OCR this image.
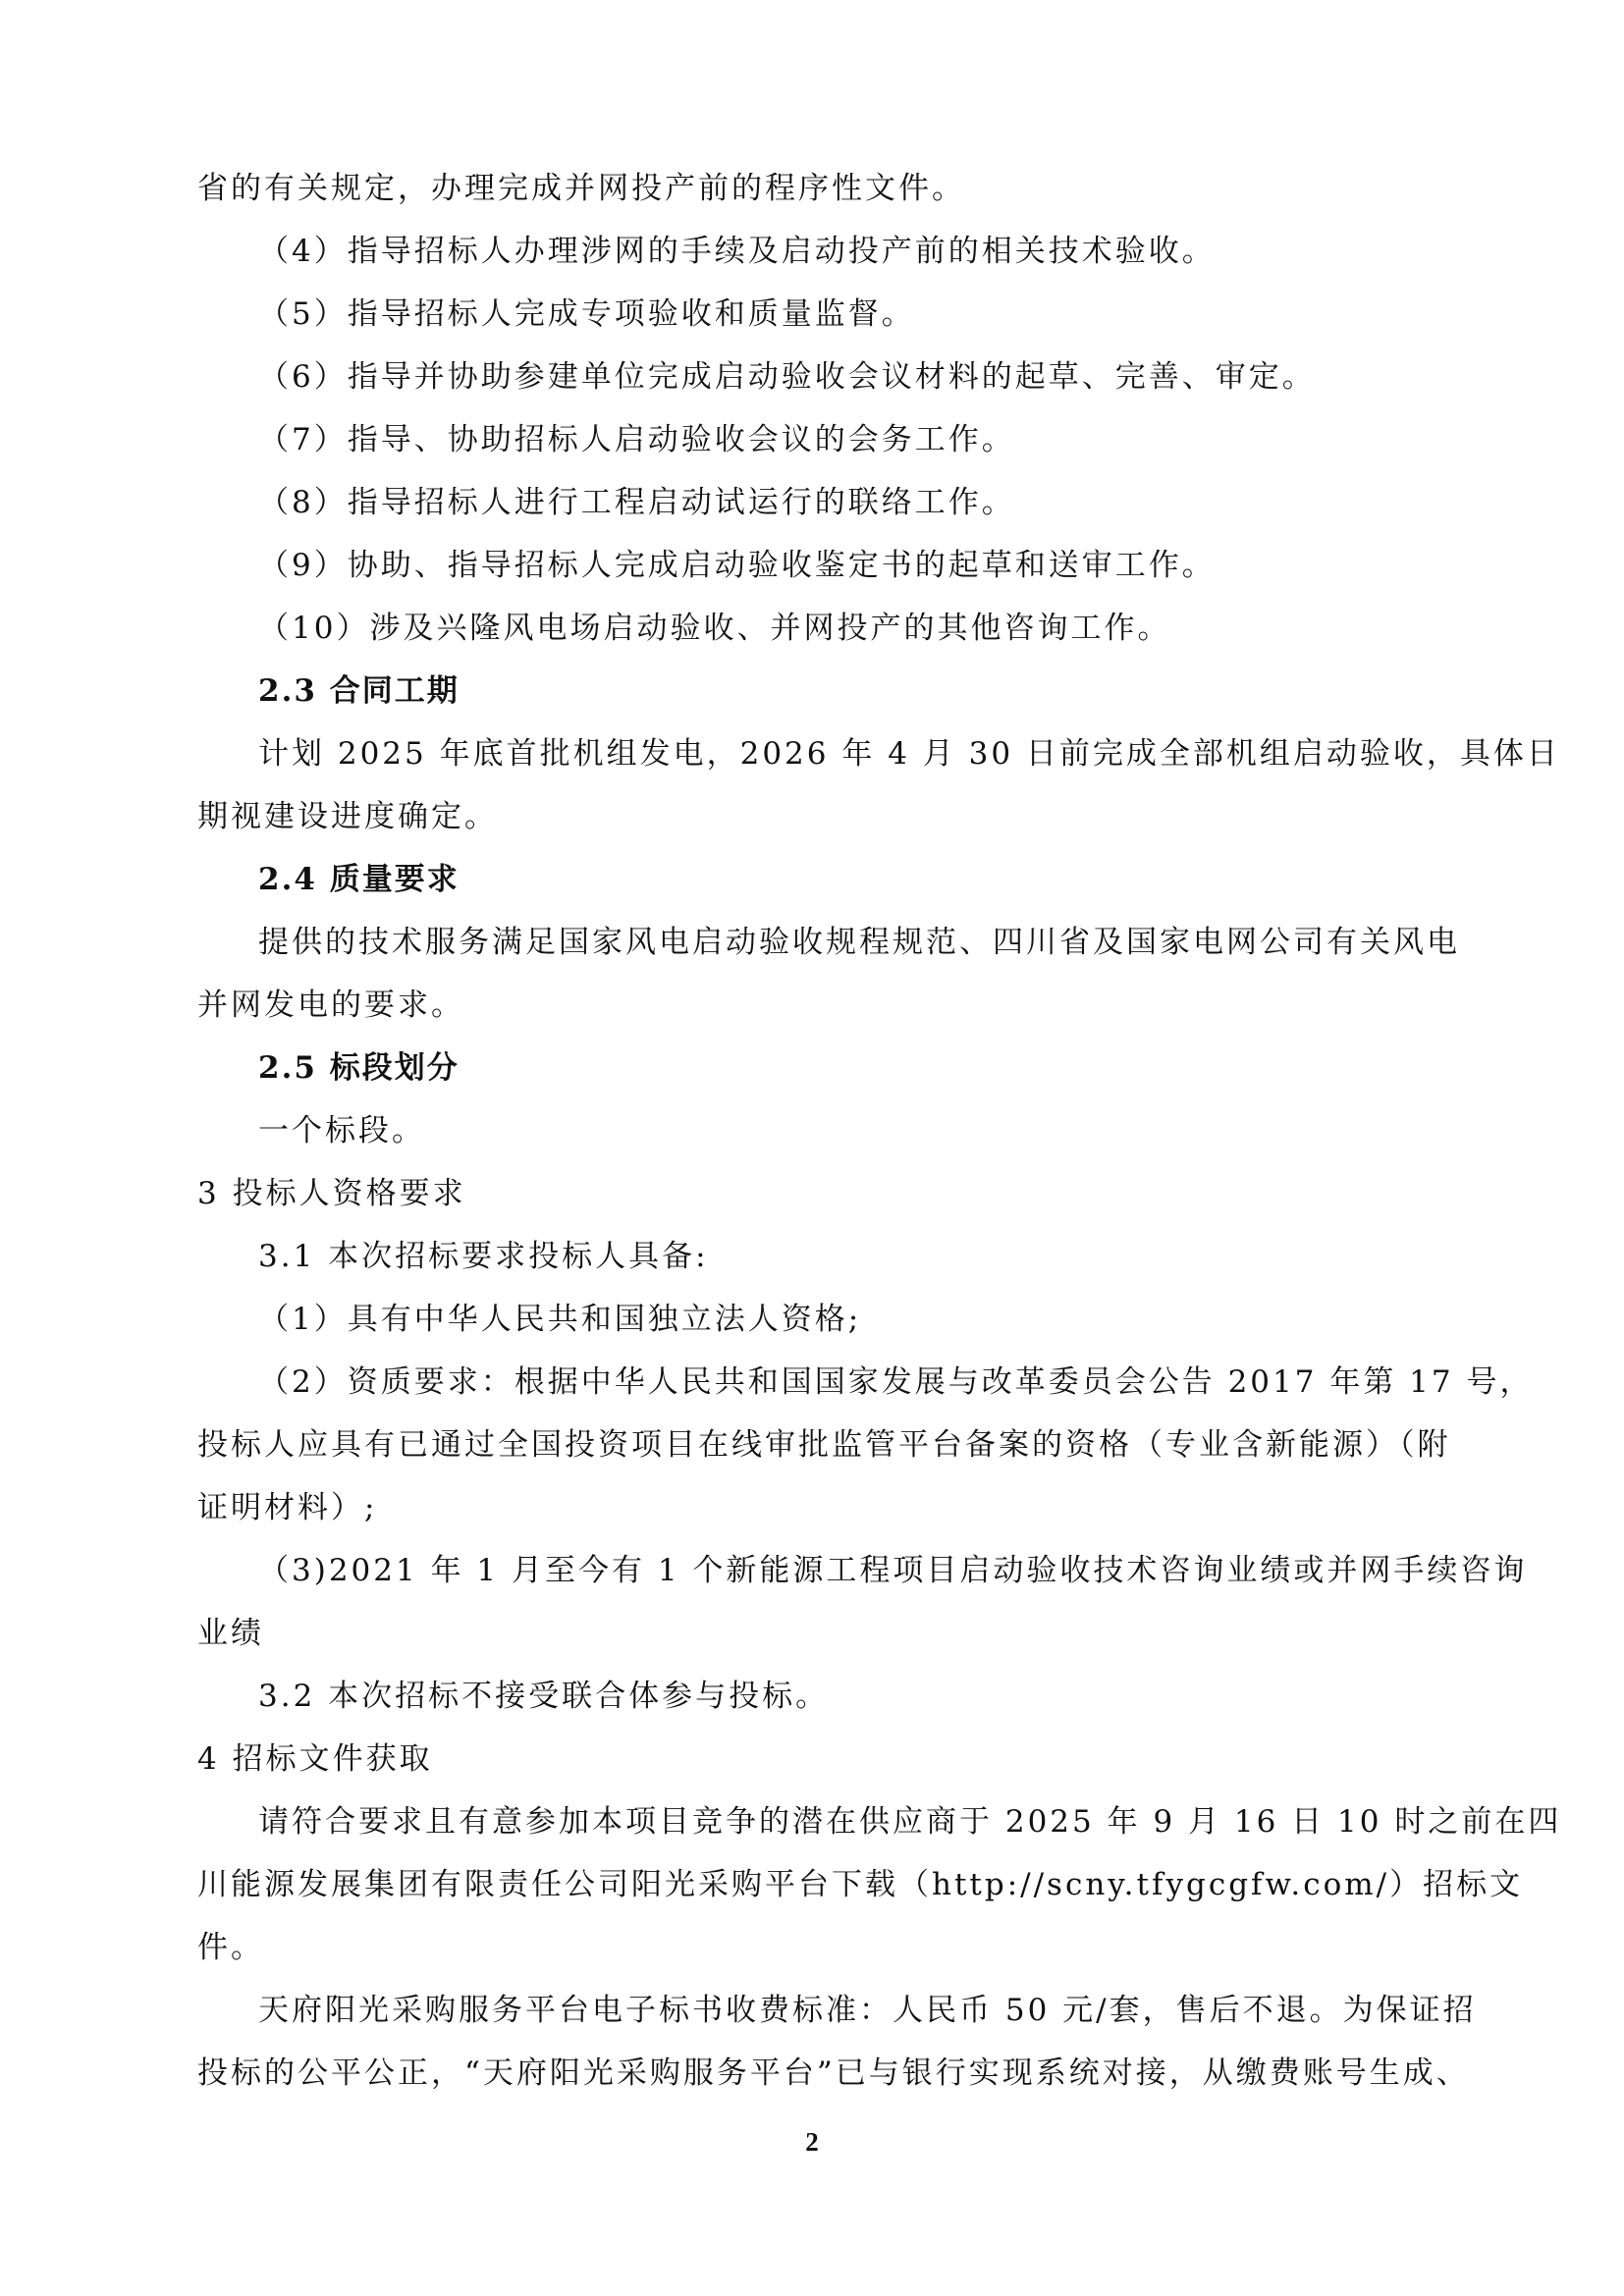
省的有关规定，办理完成并网投产前的程序性文件。
（4）指导招标人办理涉网的手续及启动投产前的相关技术验收。
（5）指导招标人完成专项验收和质量监督。
（6）指导并协助参建单位完成启动验收会议材料的起草、完善、审定。
（7）指导、协助招标人启动验收会议的会务工作。
（8）指导招标人进行工程启动试运行的联络工作。
（9）协助、指导招标人完成启动验收鉴定书的起草和送审工作。
（10）涉及兴隆风电场启动验收、并网投产的其他咨询工作。
2.3 合同工期
计划 2025 年底首批机组发电，2026 年 4 月 30 日前完成全部机组启动验收，具体日
期视建设进度确定。
2.4 质量要求
提供的技术服务满足国家风电启动验收规程规范、四川省及国家电网公司有关风电
并网发电的要求。
2.5 标段划分
一个标段。
3 投标人资格要求
3.1 本次招标要求投标人具备:
（1）具有中华人民共和国独立法人资格;
（2）资质要求：根据中华人民共和国国家发展与改革委员会公告 2017 年第 17 号，
投标人应具有已通过全国投资项目在线审批监管平台备案的资格（专业含新能源）（附
证明材料）;
（3)2021 年 1 月至今有 1 个新能源工程项目启动验收技术咨询业绩或并网手续咨询
业绩
3.2 本次招标不接受联合体参与投标。
4 招标文件获取
请符合要求且有意参加本项目竞争的潜在供应商于 2025 年 9 月 16 日 10 时之前在四
川能源发展集团有限责任公司阳光采购平台下载（http://scny.tfygcgfw.com/）招标文
件。
天府阳光采购服务平台电子标书收费标准：人民币 50 元/套，售后不退。为保证招
投标的公平公正，“天府阳光采购服务平台”已与银行实现系统对接，从缴费账号生成、
2
